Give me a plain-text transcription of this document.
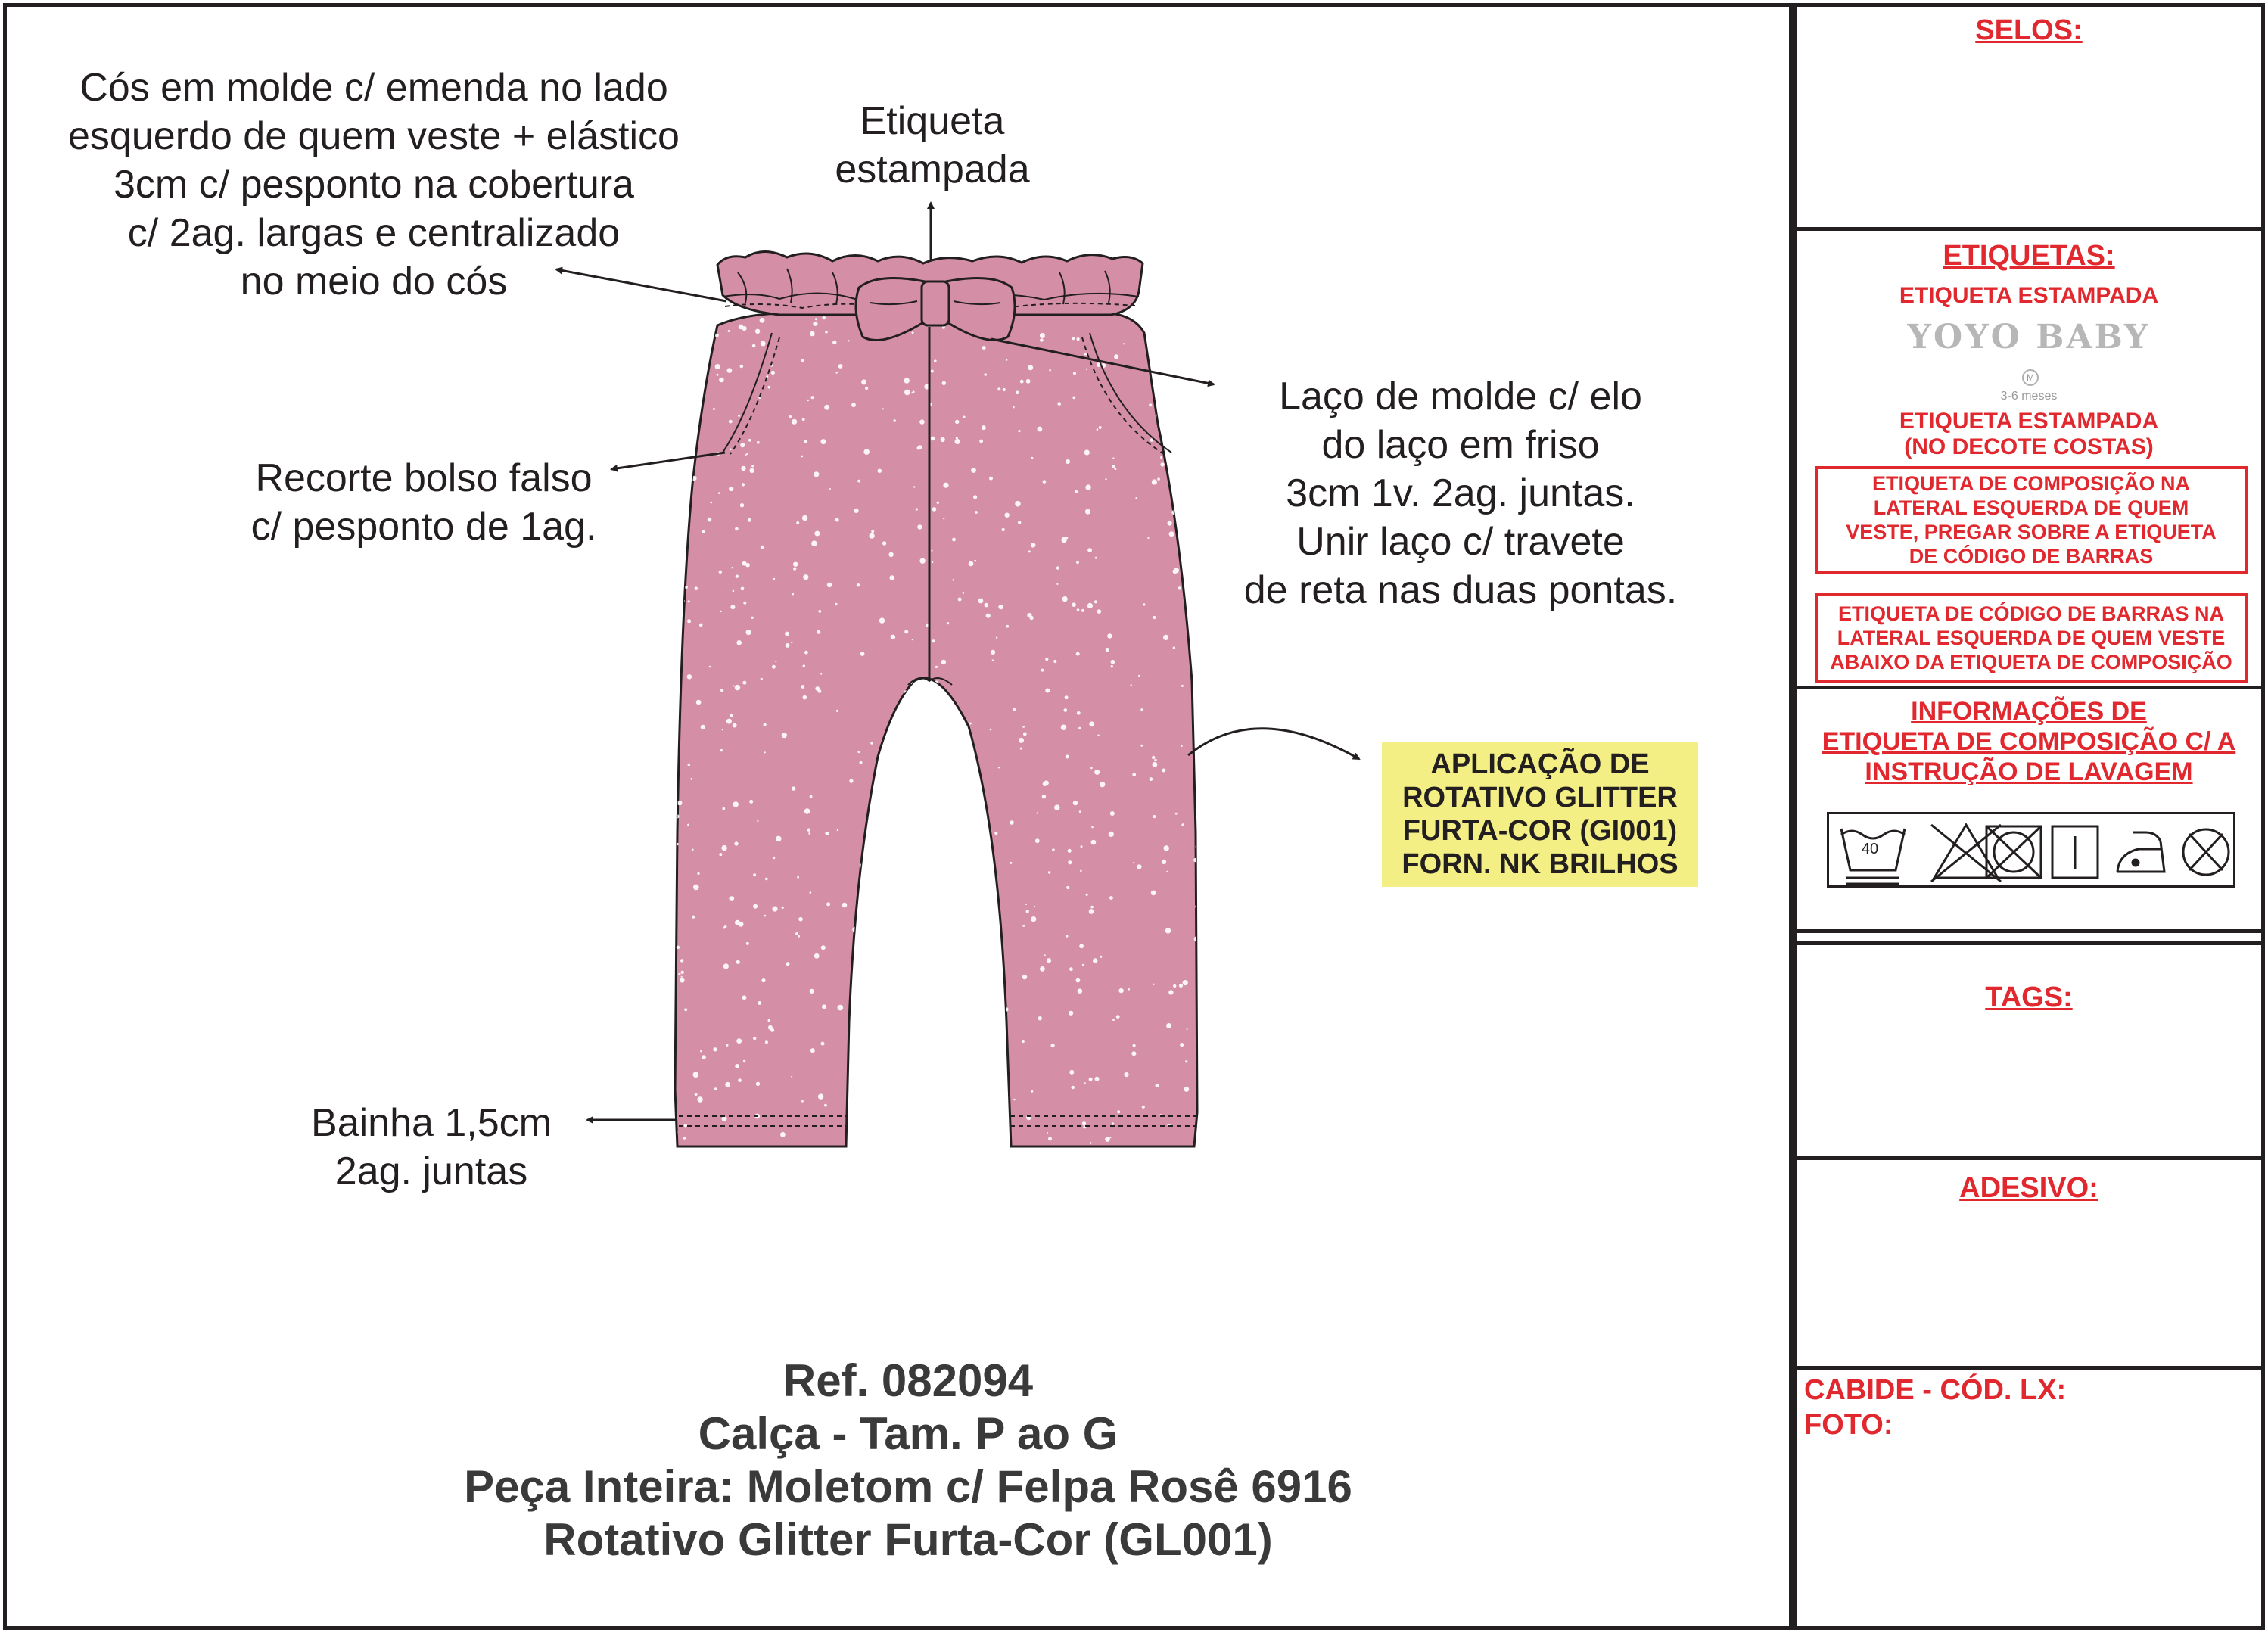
40
Cós em molde c/ emenda no lado
esquerdo de quem veste + elástico
3cm c/ pesponto na cobertura
c/ 2ag. largas e centralizado
no meio do cós
Etiqueta
estampada
Laço de molde c/ elo
do laço em friso
3cm 1v. 2ag. juntas.
Unir laço c/ travete
de reta nas duas pontas.
Recorte bolso falso
c/ pesponto de 1ag.
Bainha 1,5cm
2ag. juntas
APLICAÇÃO DE
ROTATIVO GLITTER
FURTA-COR (GI001)
FORN. NK BRILHOS
Ref. 082094
Calça - Tam. P ao G
Peça Inteira: Moletom c/ Felpa Rosê 6916
Rotativo Glitter Furta-Cor (GL001)
SELOS:
ETIQUETAS:
ETIQUETA ESTAMPADA
YOYO BABY
M
3-6 meses
ETIQUETA ESTAMPADA
(NO DECOTE COSTAS)
ETIQUETA DE COMPOSIÇÃO NA
LATERAL ESQUERDA DE QUEM
VESTE, PREGAR SOBRE A ETIQUETA
DE CÓDIGO DE BARRAS
ETIQUETA DE CÓDIGO DE BARRAS NA
LATERAL ESQUERDA DE QUEM VESTE
ABAIXO DA ETIQUETA DE COMPOSIÇÃO
INFORMAÇÕES DE
ETIQUETA DE COMPOSIÇÃO C/ A
INSTRUÇÃO DE LAVAGEM
TAGS:
ADESIVO:
CABIDE - CÓD. LX:
FOTO:
